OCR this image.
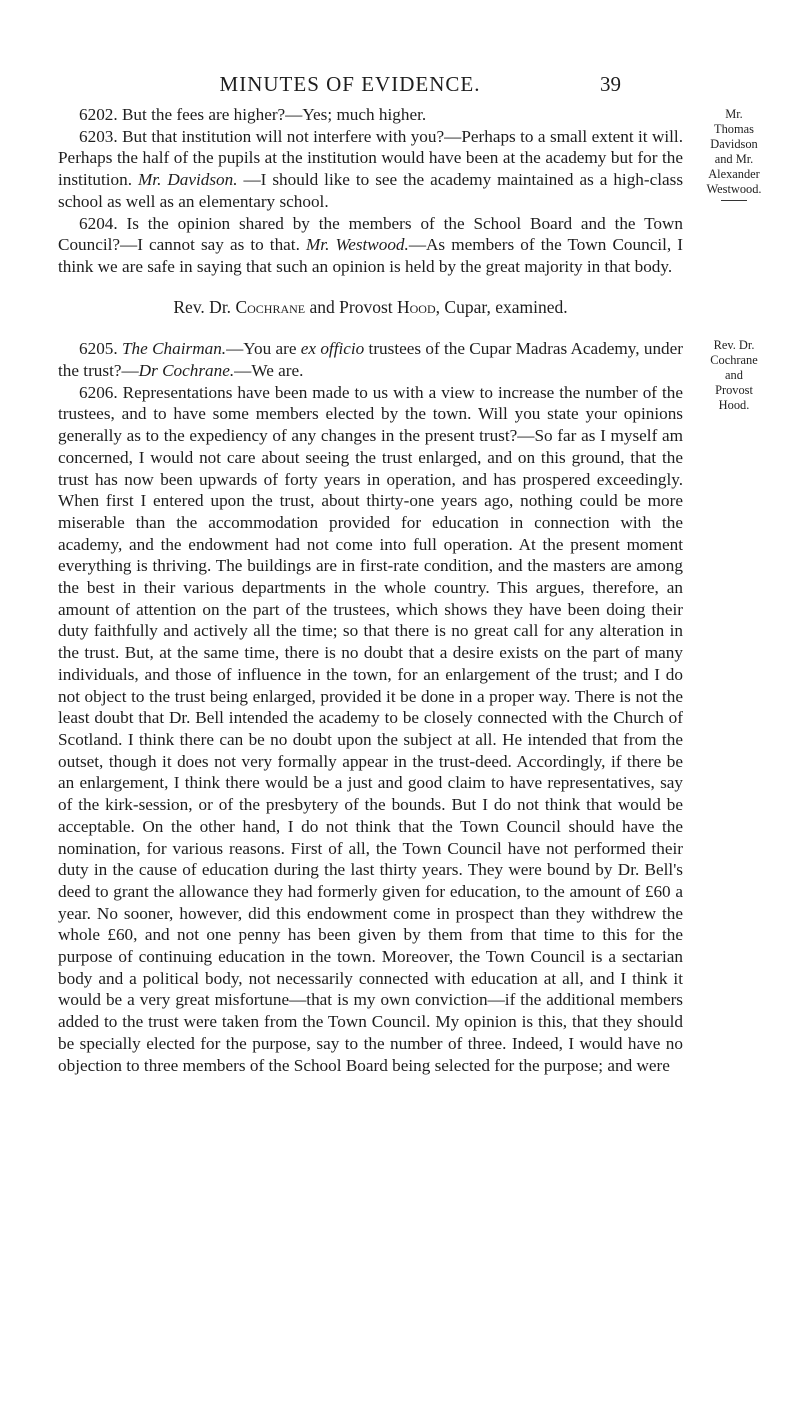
MINUTES OF EVIDENCE.	39
Mr.
Thomas
Davidson
and Mr.
Alexander
Westwood.
Rev. Dr.
Cochrane
and
Provost
Hood.

6202. But the fees are higher?—Yes; much higher.

6203. But that institution will not interfere with you?—Perhaps to a small extent it will. Perhaps the half of the pupils at the institution would have been at the academy but for the institution. Mr. Davidson. —I should like to see the academy maintained as a high-class school as well as an elementary school.

6204. Is the opinion shared by the members of the School Board and the Town Council?—I cannot say as to that. Mr. Westwood.—As members of the Town Council, I think we are safe in saying that such an opinion is held by the great majority in that body.

Rev. Dr. Cochrane and Provost Hood, Cupar, examined.

6205. The Chairman.—You are ex officio trustees of the Cupar Madras Academy, under the trust?—Dr Cochrane.—We are.

6206. Representations have been made to us with a view to increase the number of the trustees, and to have some members elected by the town. Will you state your opinions generally as to the expediency of any changes in the present trust?—So far as I myself am concerned, I would not care about seeing the trust enlarged, and on this ground, that the trust has now been upwards of forty years in operation, and has prospered exceedingly. When first I entered upon the trust, about thirty-one years ago, nothing could be more miserable than the accommodation provided for education in connection with the academy, and the endowment had not come into full operation. At the present moment everything is thriving. The buildings are in first-rate condition, and the masters are among the best in their various departments in the whole country. This argues, therefore, an amount of attention on the part of the trustees, which shows they have been doing their duty faithfully and actively all the time; so that there is no great call for any alteration in the trust. But, at the same time, there is no doubt that a desire exists on the part of many individuals, and those of influence in the town, for an enlargement of the trust; and I do not object to the trust being enlarged, provided it be done in a proper way. There is not the least doubt that Dr. Bell intended the academy to be closely connected with the Church of Scotland. I think there can be no doubt upon the subject at all. He intended that from the outset, though it does not very formally appear in the trust-deed. Accordingly, if there be an enlargement, I think there would be a just and good claim to have representatives, say of the kirk-session, or of the presbytery of the bounds. But I do not think that would be acceptable. On the other hand, I do not think that the Town Council should have the nomination, for various reasons. First of all, the Town Council have not performed their duty in the cause of education during the last thirty years. They were bound by Dr. Bell's deed to grant the allowance they had formerly given for education, to the amount of £60 a year. No sooner, however, did this endowment come in prospect than they withdrew the whole £60, and not one penny has been given by them from that time to this for the purpose of continuing education in the town. Moreover, the Town Council is a sectarian body and a political body, not necessarily connected with education at all, and I think it would be a very great misfortune—that is my own conviction—if the additional members added to the trust were taken from the Town Council. My opinion is this, that they should be specially elected for the purpose, say to the number of three. Indeed, I would have no objection to three members of the School Board being selected for the purpose; and were
